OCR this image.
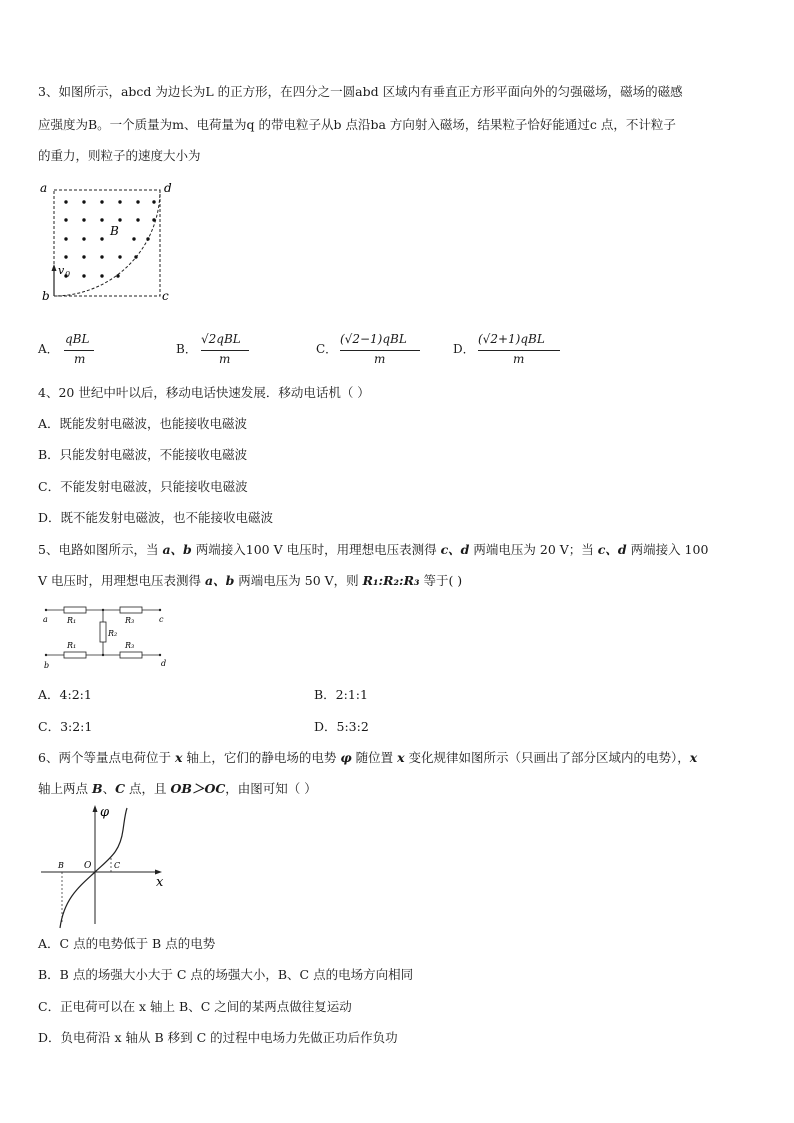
3、如图所示，abcd 为边长为L 的正方形，在四分之一圆abd 区域内有垂直正方形平面向外的匀强磁场，磁场的磁感
应强度为B。一个质量为m、电荷量为q 的带电粒子从b 点沿ba 方向射入磁场，结果粒子恰好能通过c 点，不计粒子
的重力，则粒子的速度大小为
a	d
b	c
B
v 0
A．
qBL
m
B．
√2qBL
m
C．
(√2−1)qBL
m
D．
(√2+1)qBL
m
4、20 世纪中叶以后，移动电话快速发展．移动电话机（ ）
A．既能发射电磁波，也能接收电磁波
B．只能发射电磁波，不能接收电磁波
C．不能发射电磁波，只能接收电磁波
D．既不能发射电磁波，也不能接收电磁波
5、电路如图所示，当 a、b 两端接入100 V 电压时，用理想电压表测得 c、d 两端电压为 20 V；当 c、d 两端接入 100
V 电压时，用理想电压表测得 a、b 两端电压为 50 V，则 R₁:R₂:R₃ 等于( )
a
b
c
d
R₁
R₁
R₂
R₃
R₃
A．4:2:1	B．2:1:1
C．3:2:1	D．5:3:2
6、两个等量点电荷位于 x 轴上，它们的静电场的电势 φ 随位置 x 变化规律如图所示（只画出了部分区域内的电势），x
轴上两点 B、C 点，且 OB＞OC，由图可知（ ）
φ
x
B O	C
A．C 点的电势低于 B 点的电势
B．B 点的场强大小大于 C 点的场强大小，B、C 点的电场方向相同
C．正电荷可以在 x 轴上 B、C 之间的某两点做往复运动
D．负电荷沿 x 轴从 B 移到 C 的过程中电场力先做正功后作负功
